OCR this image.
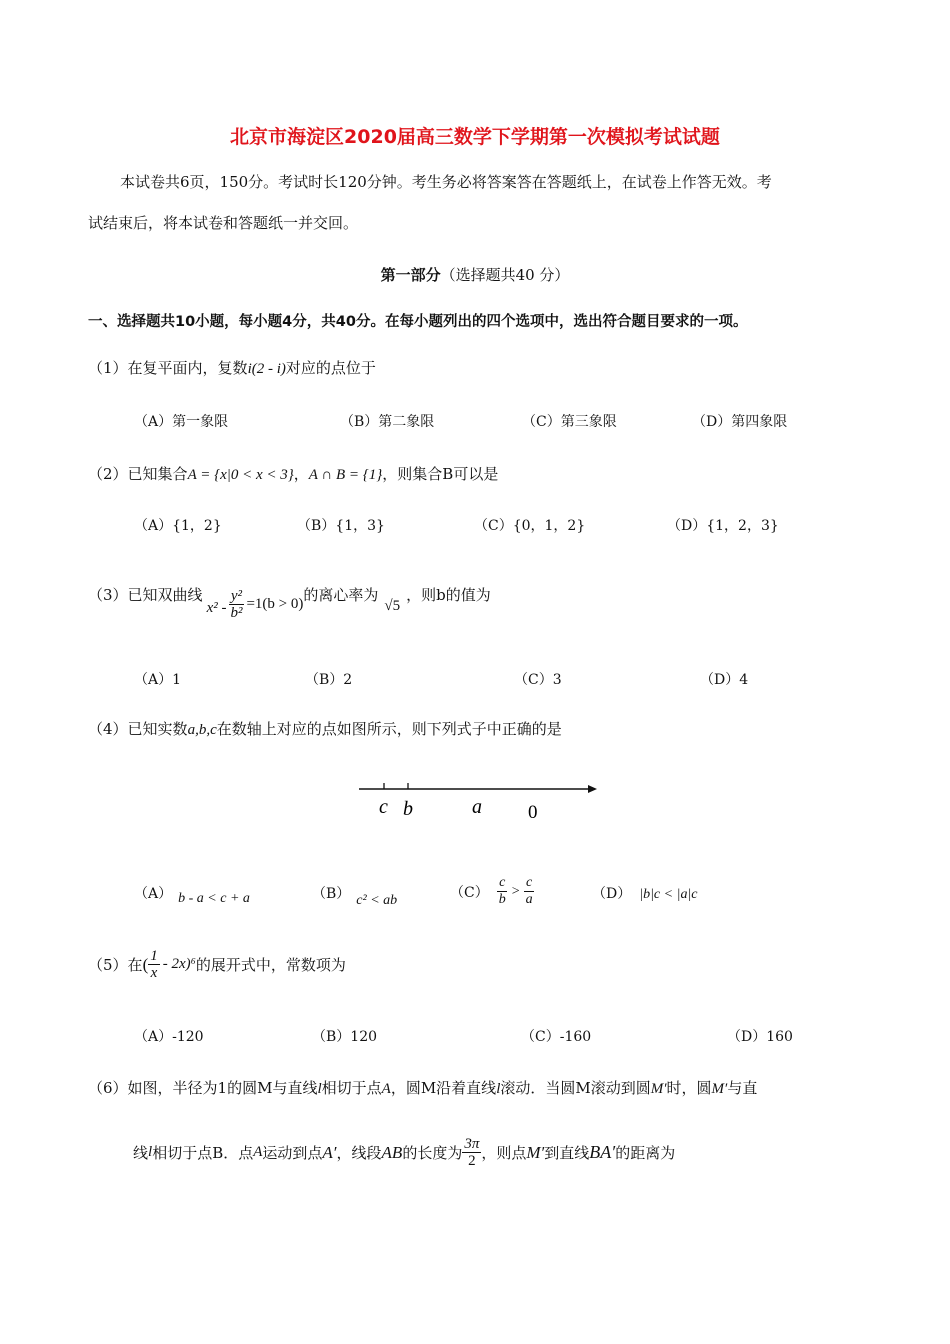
北京市海淀区2020届高三数学下学期第一次模拟考试试题
本试卷共6页，150分。考试时长120分钟。考生务必将答案答在答题纸上，在试卷上作答无效。考
试结束后，将本试卷和答题纸一并交回。
第一部分（选择题共40 分）
一、选择题共10小题，每小题4分，共40分。在每小题列出的四个选项中，选出符合题目要求的一项。
（1）在复平面内，复数i(2 - i)对应的点位于
（A）第一象限	（B）第二象限	（C）第三象限	（D）第四象限
（2）已知集合A = {x|0 < x < 3}，A ∩ B = {1}，则集合B可以是
（A）{1，2}	（B）{1，3}	（C）{0，1，2}	（D）{1，2，3}
（3） 已知双曲线
$x^2 - \frac{\text{y²}}{\text{b²}} =1(b > 0)$ 的离心率为
√5
，则b的值为
（A）1	（B）2	（C）3	（D）4
（4）已知实数a,b,c在数轴上对应的点如图所示，则下列式子中正确的是
c b	a 0
（A） b - a < c + a	（B） c² < ab	$(C) \frac{c}{b} > \frac{c}{a}$	（D） |b|c < |a|c
（5） 在 ( $\frac{1}{x} - 2x)^6$ 的展开式中，常数项为
（A）-120	（B）120	（C）-160	（D）160
（6）如图，半径为1的圆M与直线l相切于点A，圆M沿着直线l滚动．当圆M滚动到圆M′时，圆M′与直
线 l 相切于点B．点 A 运动到点 A′ ，线段 AB 的长度为 $\frac{3\pi}{2}$ ，则点 M′ 到直线 BA′ 的距离为
